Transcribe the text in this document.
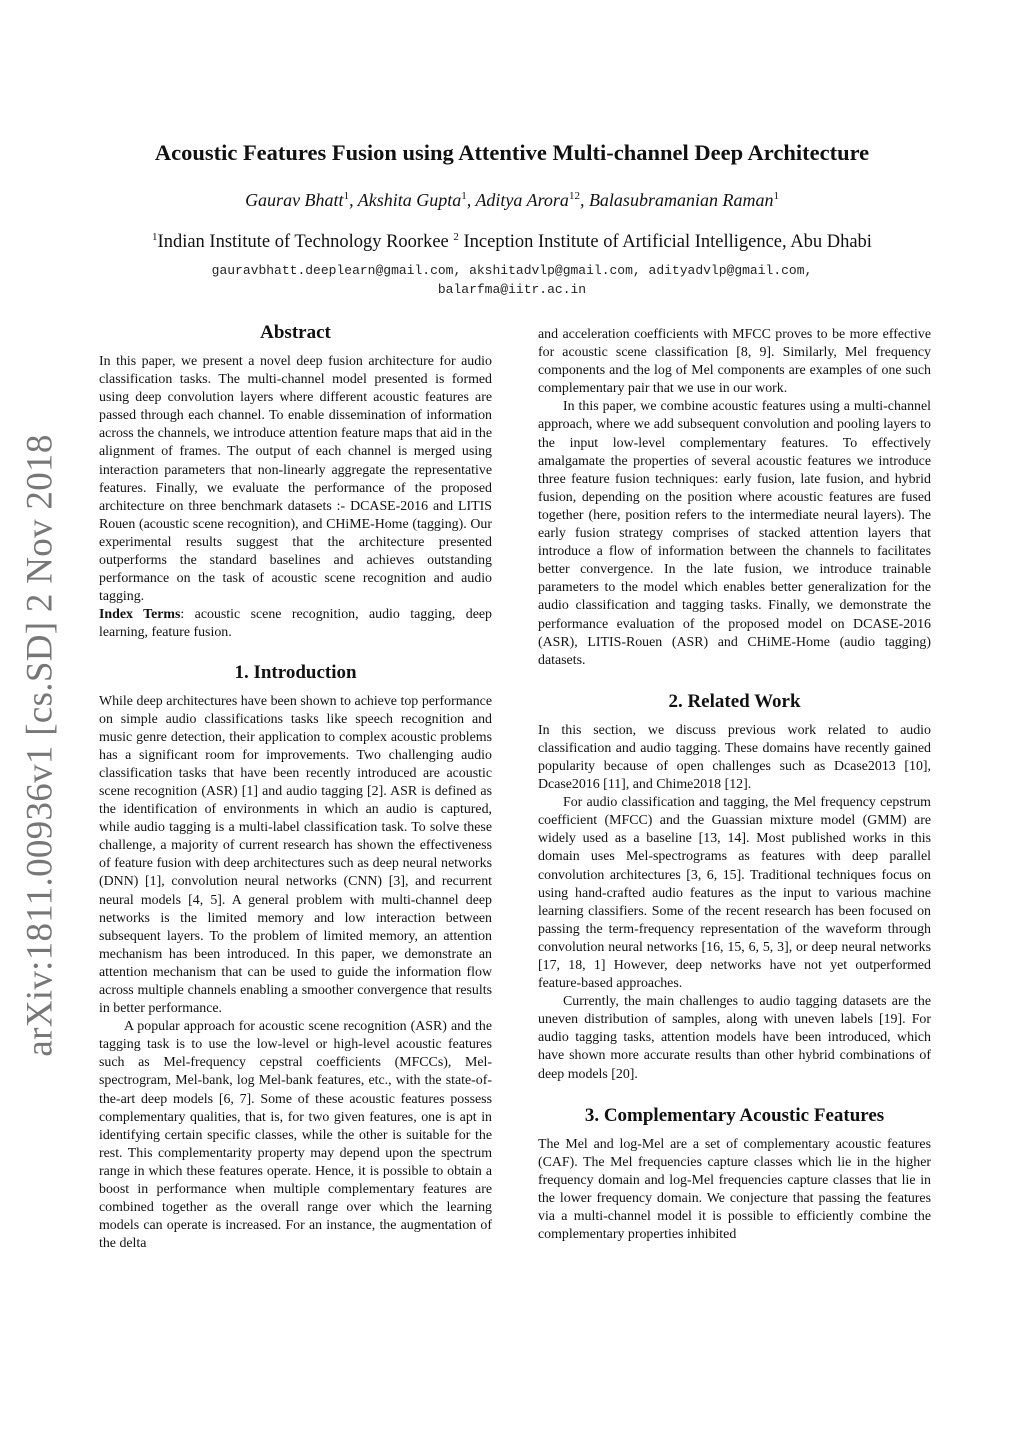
arXiv:1811.00936v1 [cs.SD] 2 Nov 2018
Acoustic Features Fusion using Attentive Multi-channel Deep Architecture
Gaurav Bhatt$^1$, Akshita Gupta$^1$, Aditya Arora$^{12}$, Balasubramanian Raman$^1$
$^1$Indian Institute of Technology Roorkee $^2$ Inception Institute of Artificial Intelligence, Abu Dhabi
gauravbhatt.deeplearn@gmail.com, akshitadvlp@gmail.com, adityadvlp@gmail.com,
balarfma@iitr.ac.in
Abstract

In this paper, we present a novel deep fusion architecture for audio classification tasks. The multi-channel model presented is formed using deep convolution layers where different acoustic features are passed through each channel. To enable dissemination of information across the channels, we introduce attention feature maps that aid in the alignment of frames. The output of each channel is merged using interaction parameters that non-linearly aggregate the representative features. Finally, we evaluate the performance of the proposed architecture on three benchmark datasets :- DCASE-2016 and LITIS Rouen (acoustic scene recognition), and CHiME-Home (tagging). Our experimental results suggest that the architecture presented outperforms the standard baselines and achieves outstanding performance on the task of acoustic scene recognition and audio tagging.

Index Terms: acoustic scene recognition, audio tagging, deep learning, feature fusion.

1. Introduction

While deep architectures have been shown to achieve top performance on simple audio classifications tasks like speech recognition and music genre detection, their application to complex acoustic problems has a significant room for improvements. Two challenging audio classification tasks that have been recently introduced are acoustic scene recognition (ASR) [1] and audio tagging [2]. ASR is defined as the identification of environments in which an audio is captured, while audio tagging is a multi-label classification task. To solve these challenge, a majority of current research has shown the effectiveness of feature fusion with deep architectures such as deep neural networks (DNN) [1], convolution neural networks (CNN) [3], and recurrent neural models [4, 5]. A general problem with multi-channel deep networks is the limited memory and low interaction between subsequent layers. To the problem of limited memory, an attention mechanism has been introduced. In this paper, we demonstrate an attention mechanism that can be used to guide the information flow across multiple channels enabling a smoother convergence that results in better performance.

A popular approach for acoustic scene recognition (ASR) and the tagging task is to use the low-level or high-level acoustic features such as Mel-frequency cepstral coefficients (MFCCs), Mel-spectrogram, Mel-bank, log Mel-bank features, etc., with the state-of-the-art deep models [6, 7]. Some of these acoustic features possess complementary qualities, that is, for two given features, one is apt in identifying certain specific classes, while the other is suitable for the rest. This complementarity property may depend upon the spectrum range in which these features operate. Hence, it is possible to obtain a boost in performance when multiple complementary features are combined together as the overall range over which the learning models can operate is increased. For an instance, the augmentation of the delta

and acceleration coefficients with MFCC proves to be more effective for acoustic scene classification [8, 9]. Similarly, Mel frequency components and the log of Mel components are examples of one such complementary pair that we use in our work.

In this paper, we combine acoustic features using a multi-channel approach, where we add subsequent convolution and pooling layers to the input low-level complementary features. To effectively amalgamate the properties of several acoustic features we introduce three feature fusion techniques: early fusion, late fusion, and hybrid fusion, depending on the position where acoustic features are fused together (here, position refers to the intermediate neural layers). The early fusion strategy comprises of stacked attention layers that introduce a flow of information between the channels to facilitates better convergence. In the late fusion, we introduce trainable parameters to the model which enables better generalization for the audio classification and tagging tasks. Finally, we demonstrate the performance evaluation of the proposed model on DCASE-2016 (ASR), LITIS-Rouen (ASR) and CHiME-Home (audio tagging) datasets.

2. Related Work

In this section, we discuss previous work related to audio classification and audio tagging. These domains have recently gained popularity because of open challenges such as Dcase2013 [10], Dcase2016 [11], and Chime2018 [12].

For audio classification and tagging, the Mel frequency cepstrum coefficient (MFCC) and the Guassian mixture model (GMM) are widely used as a baseline [13, 14]. Most published works in this domain uses Mel-spectrograms as features with deep parallel convolution architectures [3, 6, 15]. Traditional techniques focus on using hand-crafted audio features as the input to various machine learning classifiers. Some of the recent research has been focused on passing the term-frequency representation of the waveform through convolution neural networks [16, 15, 6, 5, 3], or deep neural networks [17, 18, 1] However, deep networks have not yet outperformed feature-based approaches.

Currently, the main challenges to audio tagging datasets are the uneven distribution of samples, along with uneven labels [19]. For audio tagging tasks, attention models have been introduced, which have shown more accurate results than other hybrid combinations of deep models [20].

3. Complementary Acoustic Features

The Mel and log-Mel are a set of complementary acoustic features (CAF). The Mel frequencies capture classes which lie in the higher frequency domain and log-Mel frequencies capture classes that lie in the lower frequency domain. We conjecture that passing the features via a multi-channel model it is possible to efficiently combine the complementary properties inhibited
